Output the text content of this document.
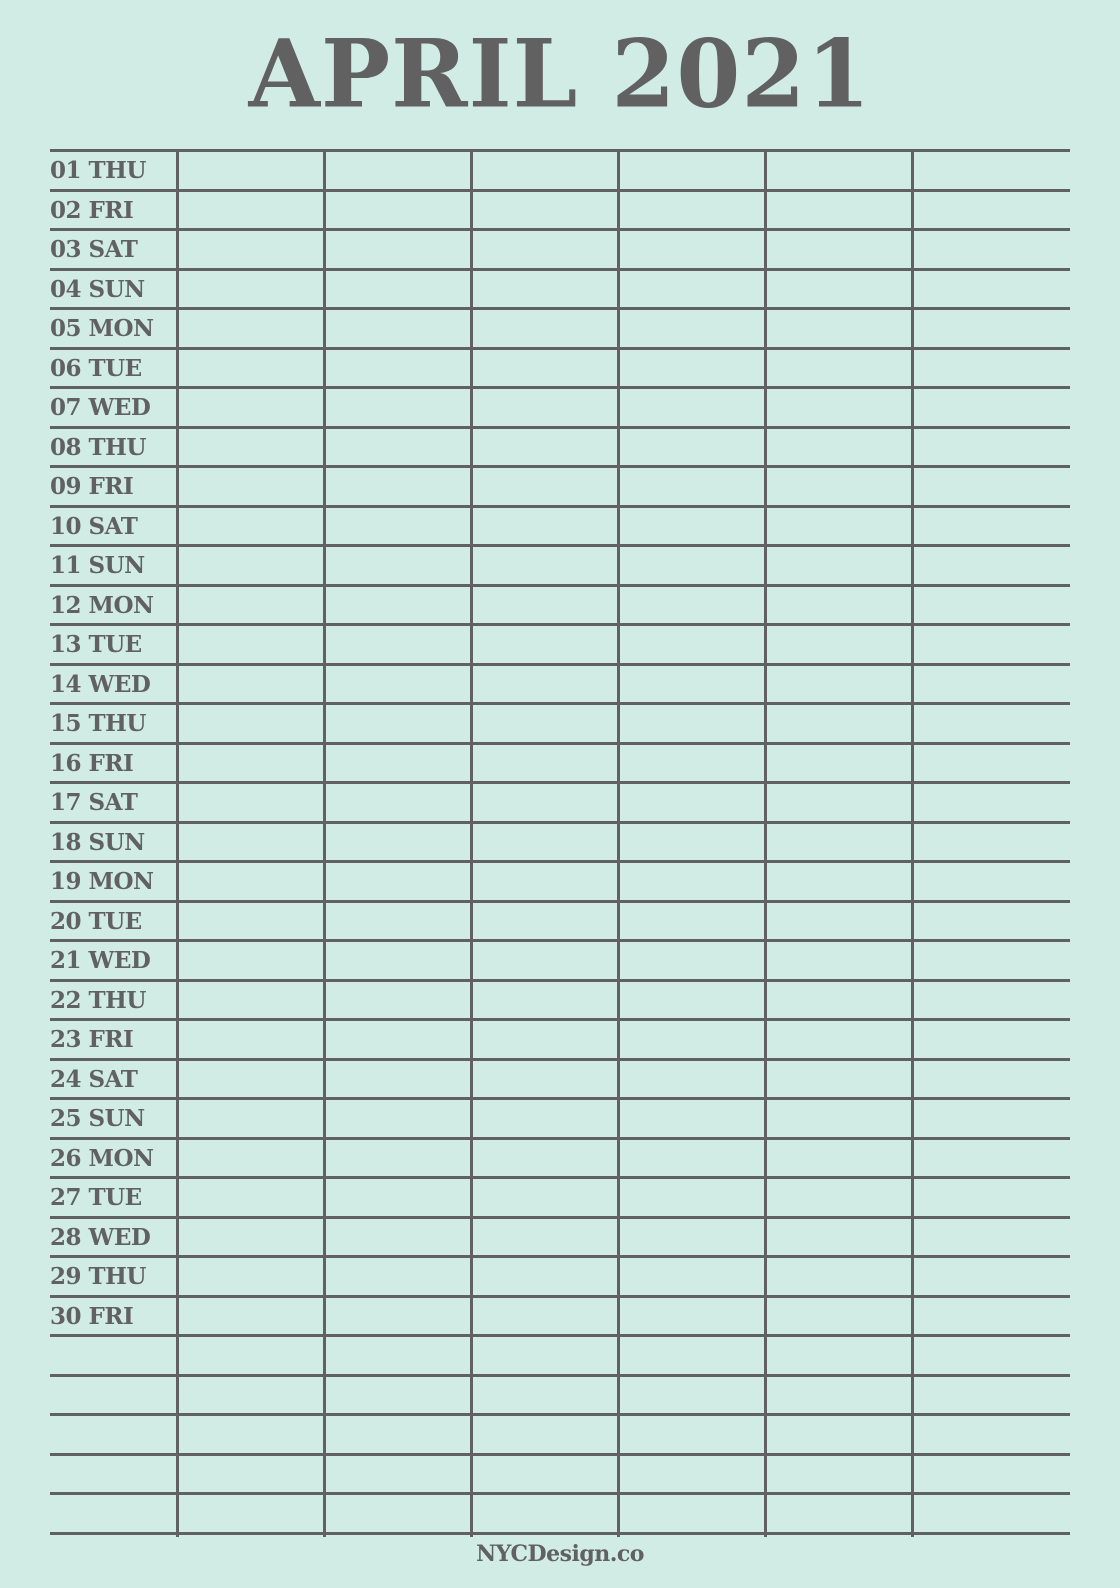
APRIL 2021
01 THU
02 FRI
03 SAT
04 SUN
05 MON
06 TUE
07 WED
08 THU
09 FRI
10 SAT
11 SUN
12 MON
13 TUE
14 WED
15 THU
16 FRI
17 SAT
18 SUN
19 MON
20 TUE
21 WED
22 THU
23 FRI
24 SAT
25 SUN
26 MON
27 TUE
28 WED
29 THU
30 FRI
NYCDesign.co
